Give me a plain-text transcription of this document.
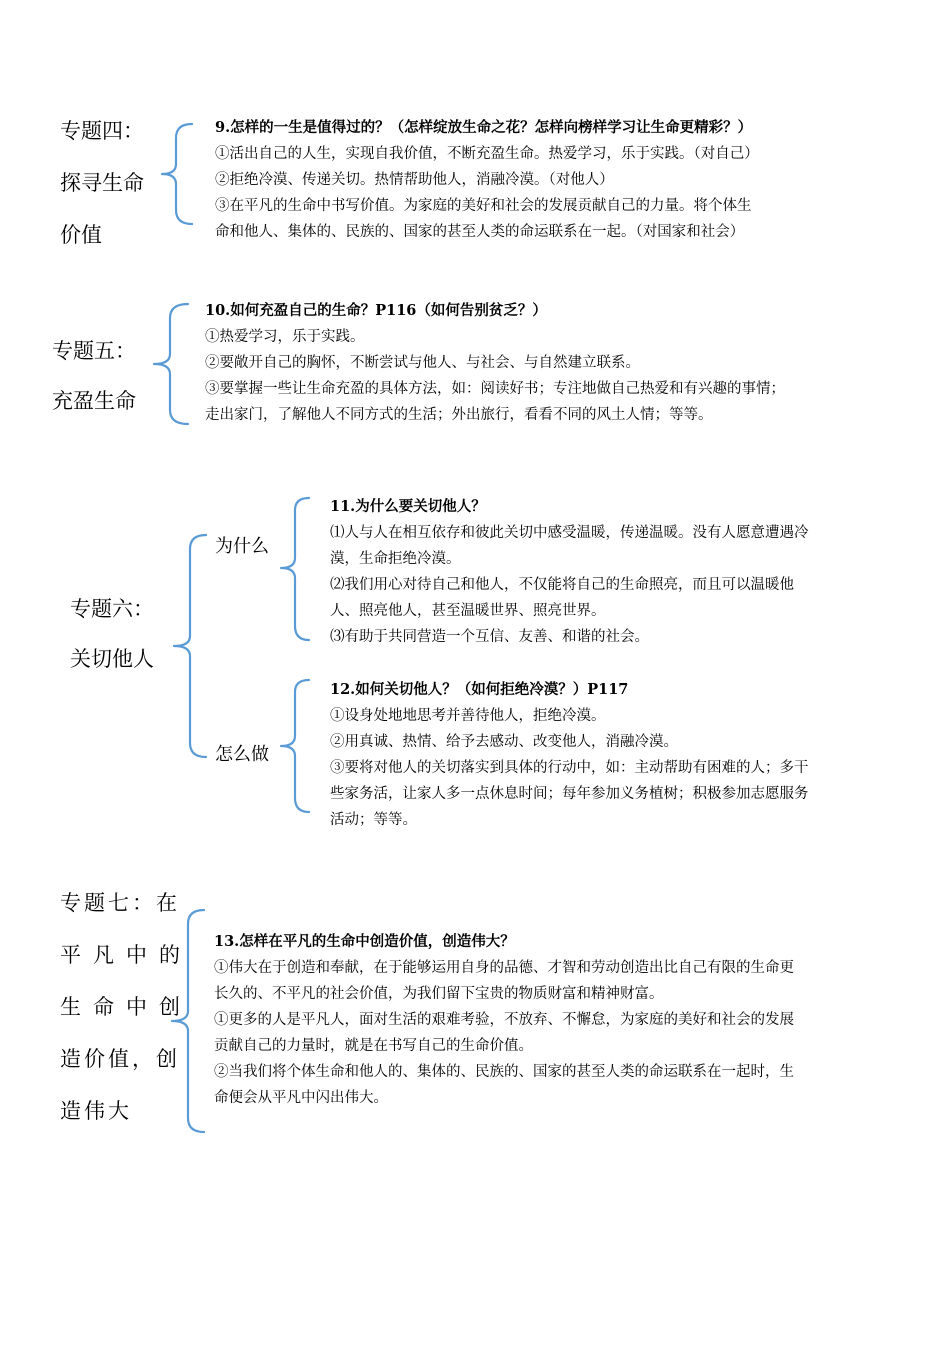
专题四：
探寻生命
价值
9.怎样的一生是值得过的？（怎样绽放生命之花？怎样向榜样学习让生命更精彩？）
①活出自己的人生，实现自我价值，不断充盈生命。热爱学习，乐于实践。（对自己）
②拒绝冷漠、传递关切。热情帮助他人，消融冷漠。（对他人）
③在平凡的生命中书写价值。为家庭的美好和社会的发展贡献自己的力量。将个体生
命和他人、集体的、民族的、国家的甚至人类的命运联系在一起。（对国家和社会）
专题五：
充盈生命
10.如何充盈自己的生命？P116（如何告别贫乏？）
①热爱学习，乐于实践。
②要敞开自己的胸怀，不断尝试与他人、与社会、与自然建立联系。
③要掌握一些让生命充盈的具体方法，如：阅读好书；专注地做自己热爱和有兴趣的事情；
走出家门，了解他人不同方式的生活；外出旅行，看看不同的风土人情；等等。
专题六：
关切他人
为什么
11.为什么要关切他人？
⑴人与人在相互依存和彼此关切中感受温暖，传递温暖。没有人愿意遭遇冷
漠，生命拒绝冷漠。
⑵我们用心对待自己和他人，不仅能将自己的生命照亮，而且可以温暖他
人、照亮他人，甚至温暖世界、照亮世界。
⑶有助于共同营造一个互信、友善、和谐的社会。
怎么做
12.如何关切他人？（如何拒绝冷漠？）P117
①设身处地地思考并善待他人，拒绝冷漠。
②用真诚、热情、给予去感动、改变他人，消融冷漠。
③要将对他人的关切落实到具体的行动中，如：主动帮助有困难的人；多干
些家务活，让家人多一点休息时间；每年参加义务植树；积极参加志愿服务
活动；等等。
专题七：在
平凡中的
生命中创
造价值，创
造伟大
13.怎样在平凡的生命中创造价值，创造伟大？
①伟大在于创造和奉献，在于能够运用自身的品德、才智和劳动创造出比自己有限的生命更
长久的、不平凡的社会价值，为我们留下宝贵的物质财富和精神财富。
①更多的人是平凡人，面对生活的艰难考验，不放弃、不懈怠，为家庭的美好和社会的发展
贡献自己的力量时，就是在书写自己的生命价值。
②当我们将个体生命和他人的、集体的、民族的、国家的甚至人类的命运联系在一起时，生
命便会从平凡中闪出伟大。
